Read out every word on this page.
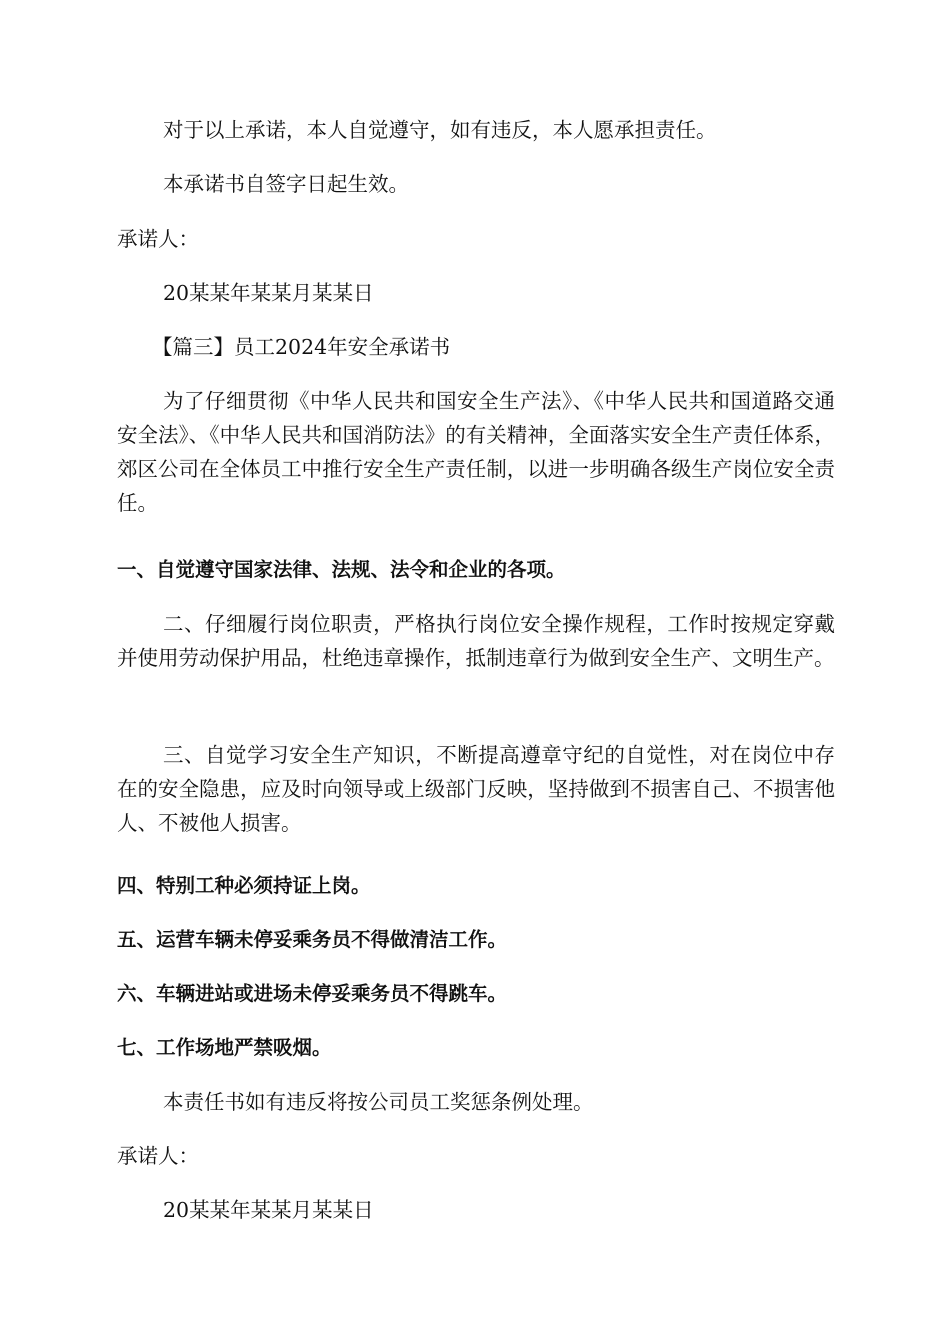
对于以上承诺，本人自觉遵守，如有违反，本人愿承担责任。

本承诺书自签字日起生效。

承诺人：

20某某年某某月某某日

【篇三】员工2024年安全承诺书

为了仔细贯彻《中华人民共和国安全生产法》、《中华人民共和国道路交通安全法》、《中华人民共和国消防法》的有关精神，全面落实安全生产责任体系，郊区公司在全体员工中推行安全生产责任制，以进一步明确各级生产岗位安全责任。

一、自觉遵守国家法律、法规、法令和企业的各项。

二、仔细履行岗位职责，严格执行岗位安全操作规程，工作时按规定穿戴并使用劳动保护用品，杜绝违章操作，抵制违章行为做到安全生产、文明生产。

三、自觉学习安全生产知识，不断提高遵章守纪的自觉性，对在岗位中存在的安全隐患，应及时向领导或上级部门反映，坚持做到不损害自己、不损害他人、不被他人损害。

四、特别工种必须持证上岗。

五、运营车辆未停妥乘务员不得做清洁工作。

六、车辆进站或进场未停妥乘务员不得跳车。

七、工作场地严禁吸烟。

本责任书如有违反将按公司员工奖惩条例处理。

承诺人：

20某某年某某月某某日
